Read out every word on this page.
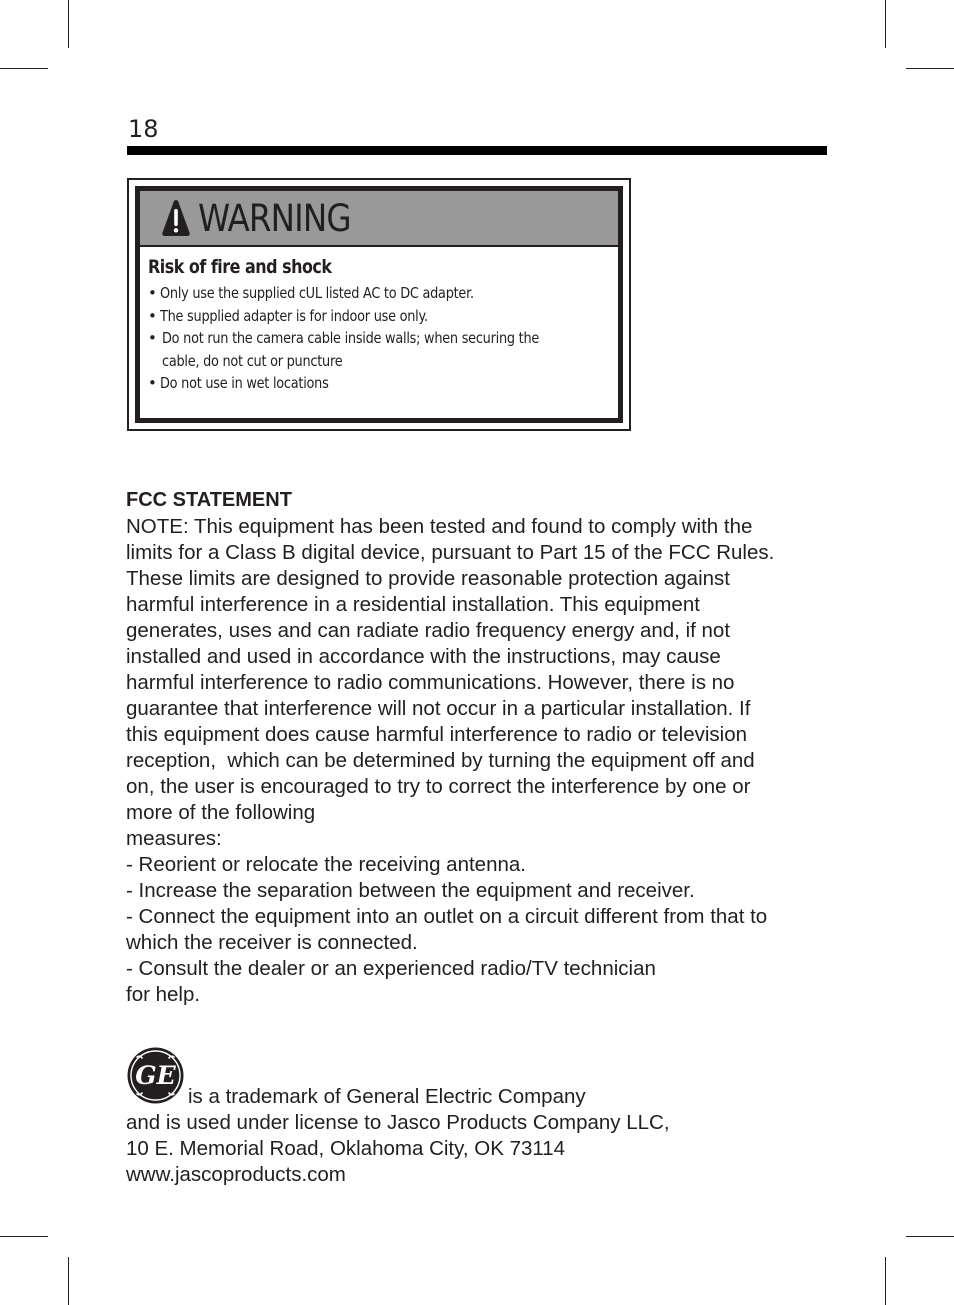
18
WARNING
Risk of fire and shock
• Only use the supplied cUL listed AC to DC adapter.
• The supplied adapter is for indoor use only.
• Do not run the camera cable inside walls; when securing the
cable, do not cut or puncture
• Do not use in wet locations
FCC STATEMENT

NOTE: This equipment has been tested and found to comply with the

limits for a Class B digital device, pursuant to Part 15 of the FCC Rules.

These limits are designed to provide reasonable protection against

harmful interference in a residential installation. This equipment

generates, uses and can radiate radio frequency energy and, if not

installed and used in accordance with the instructions, may cause

harmful interference to radio communications. However, there is no

guarantee that interference will not occur in a particular installation. If

this equipment does cause harmful interference to radio or television

reception,  which can be determined by turning the equipment off and

on, the user is encouraged to try to correct the interference by one or

more of the following

measures:

- Reorient or relocate the receiving antenna.

- Increase the separation between the equipment and receiver.

- Connect the equipment into an outlet on a circuit different from that to

which the receiver is connected.

- Consult the dealer or an experienced radio/TV technician

for help.

GE
is a trademark of General Electric Company
and is used under license to Jasco Products Company LLC,
10 E. Memorial Road, Oklahoma City, OK 73114
www.jascoproducts.com
